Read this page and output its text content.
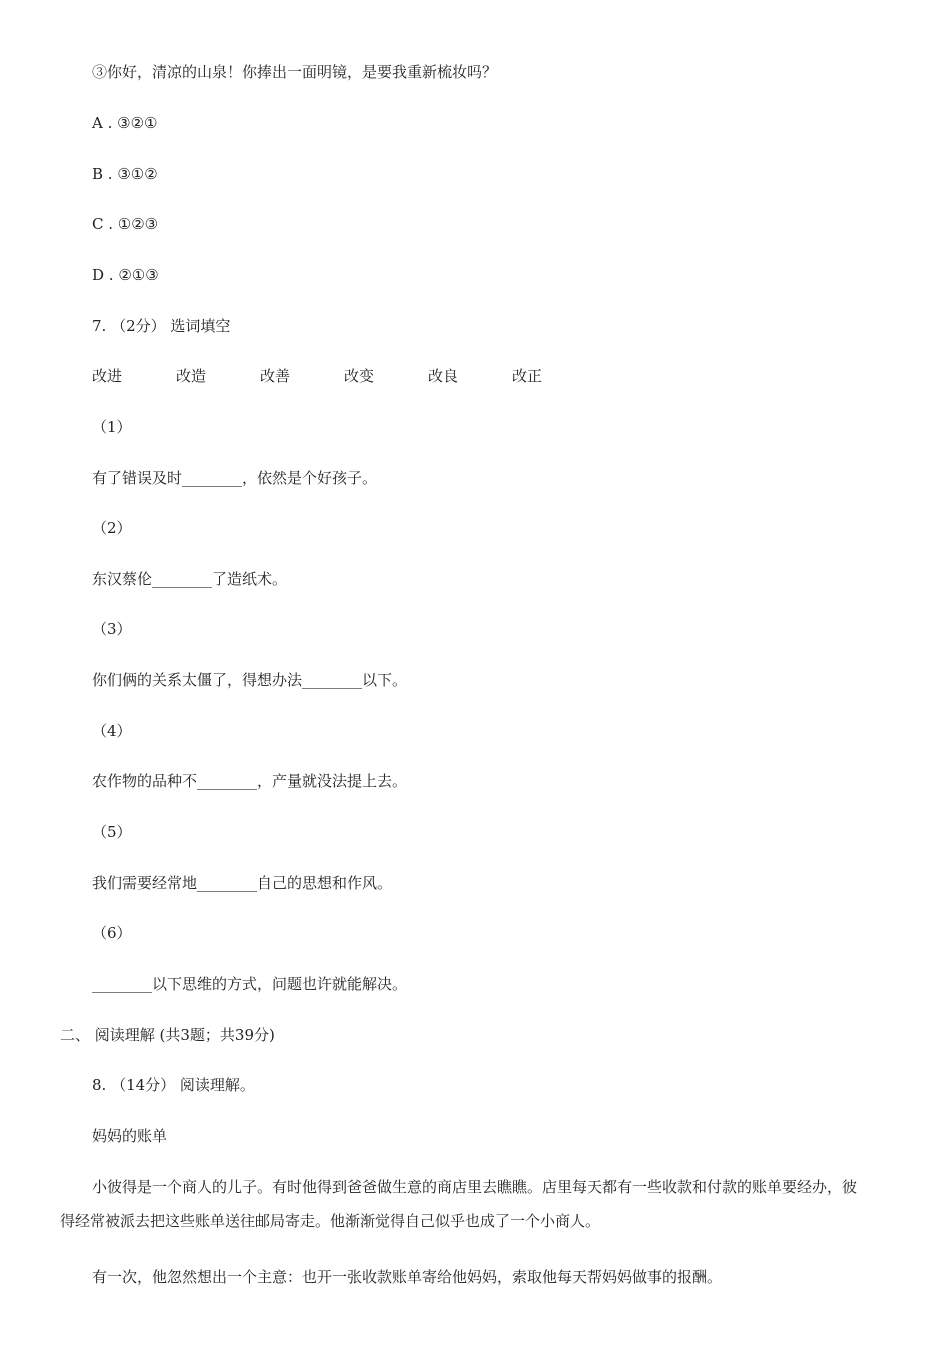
③你好，清凉的山泉！你捧出一面明镜，是要我重新梳妆吗？
A . ③②①
B . ③①②
C . ①②③
D . ②①③
7. （2分） 选词填空
改进	改造	改善	改变	改良	改正
（1）
有了错误及时________，依然是个好孩子。
（2）
东汉蔡伦________了造纸术。
（3）
你们俩的关系太僵了，得想办法________以下。
（4）
农作物的品种不________，产量就没法提上去。
（5）
我们需要经常地________自己的思想和作风。
（6）
________以下思维的方式，问题也许就能解决。
二、 阅读理解 (共3题；共39分)
8. （14分） 阅读理解。
妈妈的账单
小彼得是一个商人的儿子。有时他得到爸爸做生意的商店里去瞧瞧。店里每天都有一些收款和付款的账单要经办，彼得经常被派去把这些账单送往邮局寄走。他渐渐觉得自己似乎也成了一个小商人。
有一次，他忽然想出一个主意：也开一张收款账单寄给他妈妈，索取他每天帮妈妈做事的报酬。
